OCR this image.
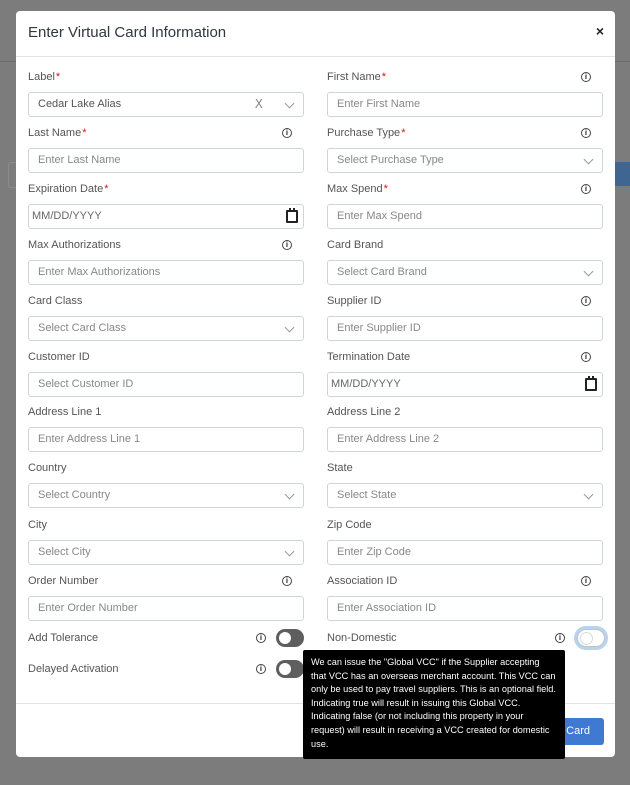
Enter Virtual Card Information	×
Label*
Cedar Lake Alias	X
First Name*	i
Enter First Name
Last Name*	i
Enter Last Name
Purchase Type*	i
Select Purchase Type
Expiration Date*
MM/DD/YYYY
Max Spend*	i
Enter Max Spend
Max Authorizations	i
Enter Max Authorizations
Card Brand
Select Card Brand
Card Class
Select Card Class
Supplier ID	i
Enter Supplier ID
Customer ID
Select Customer ID
Termination Date	i
MM/DD/YYYY
Address Line 1
Enter Address Line 1
Address Line 2
Enter Address Line 2
Country
Select Country
State
Select State
City
Select City
Zip Code
Enter Zip Code
Order Number	i
Enter Order Number
Association ID	i
Enter Association ID
Add Tolerance	i	Non-Domestic	i
Delayed Activation	i
Card
We can issue the "Global VCC" if the Supplier accepting that VCC has an overseas merchant account. This VCC can only be used to pay travel suppliers. This is an optional field. Indicating true will result in issuing this Global VCC. Indicating false (or not including this property in your request) will result in receiving a VCC created for domestic use.
